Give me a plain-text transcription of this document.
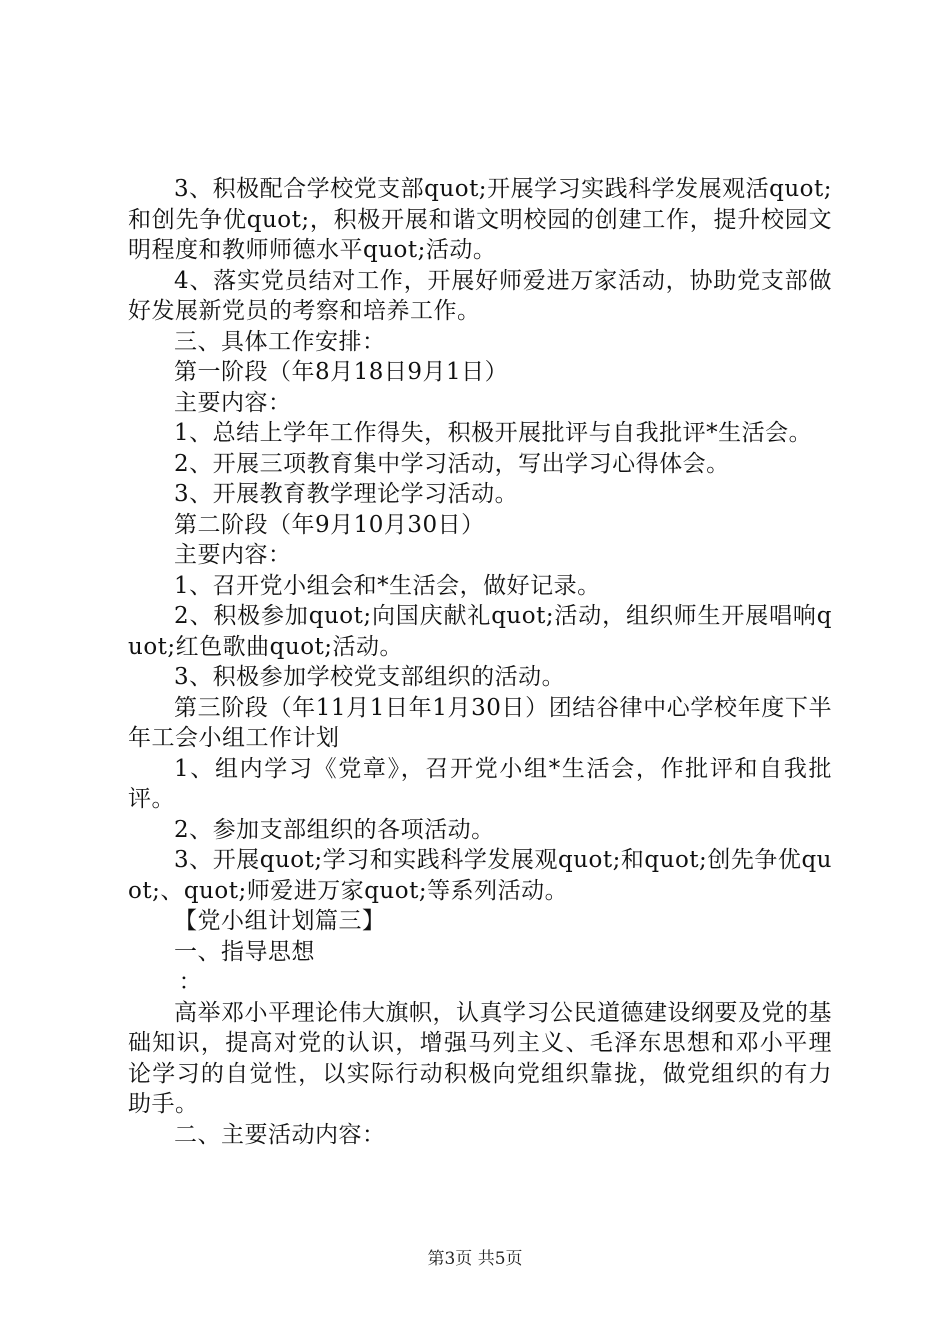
3、积极配合学校党支部quot;开展学习实践科学发展观活quot;和创先争优quot;，积极开展和谐文明校园的创建工作，提升校园文明程度和教师师德水平quot;活动。

4、落实党员结对工作，开展好师爱进万家活动，协助党支部做好发展新党员的考察和培养工作。

三、具体工作安排：

第一阶段（年8月18日9月1日）

主要内容：

1、总结上学年工作得失，积极开展批评与自我批评*生活会。

2、开展三项教育集中学习活动，写出学习心得体会。

3、开展教育教学理论学习活动。

第二阶段（年9月10月30日）

主要内容：

1、召开党小组会和*生活会，做好记录。

2、积极参加quot;向国庆献礼quot;活动，组织师生开展唱响quot;红色歌曲quot;活动。

3、积极参加学校党支部组织的活动。

第三阶段（年11月1日年1月30日）团结谷律中心学校年度下半年工会小组工作计划

1、组内学习《党章》，召开党小组*生活会，作批评和自我批评。

2、参加支部组织的各项活动。

3、开展quot;学习和实践科学发展观quot;和quot;创先争优quot;、quot;师爱进万家quot;等系列活动。

【党小组计划篇三】

一、指导思想

：

高举邓小平理论伟大旗帜，认真学习公民道德建设纲要及党的基础知识，提高对党的认识，增强马列主义、毛泽东思想和邓小平理论学习的自觉性，以实际行动积极向党组织靠拢，做党组织的有力助手。

二、主要活动内容：

第3页 共5页
